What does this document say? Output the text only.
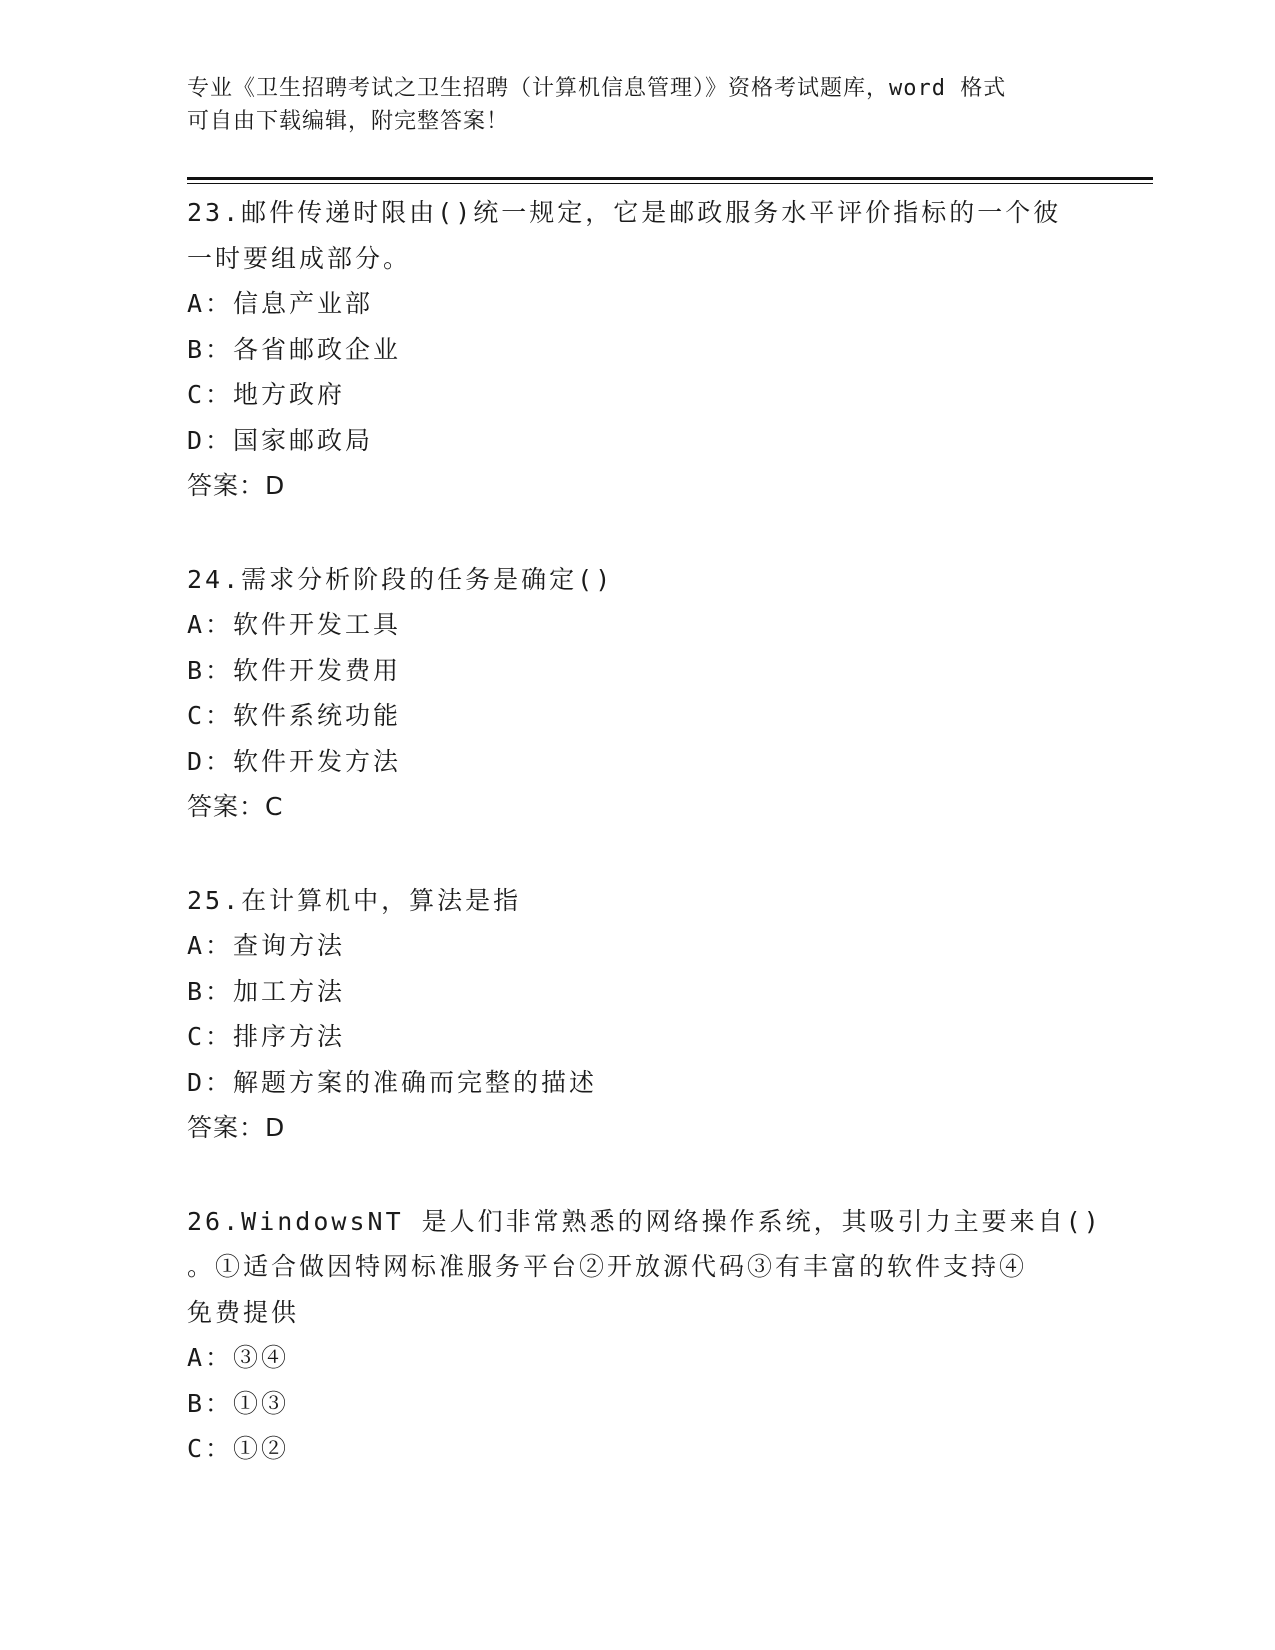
专业《卫生招聘考试之卫生招聘（计算机信息管理）》资格考试题库，word 格式
可自由下载编辑，附完整答案！
23.邮件传递时限由()统一规定，它是邮政服务水平评价指标的一个彼
一时要组成部分。
A：信息产业部
B：各省邮政企业
C：地方政府
D：国家邮政局
答案：D
24.需求分析阶段的任务是确定()
A：软件开发工具
B：软件开发费用
C：软件系统功能
D：软件开发方法
答案：C
25.在计算机中，算法是指
A：查询方法
B：加工方法
C：排序方法
D：解题方案的准确而完整的描述
答案：D
26.WindowsNT 是人们非常熟悉的网络操作系统，其吸引力主要来自()
。①适合做因特网标准服务平台②开放源代码③有丰富的软件支持④
免费提供
A：③④
B：①③
C：①②
